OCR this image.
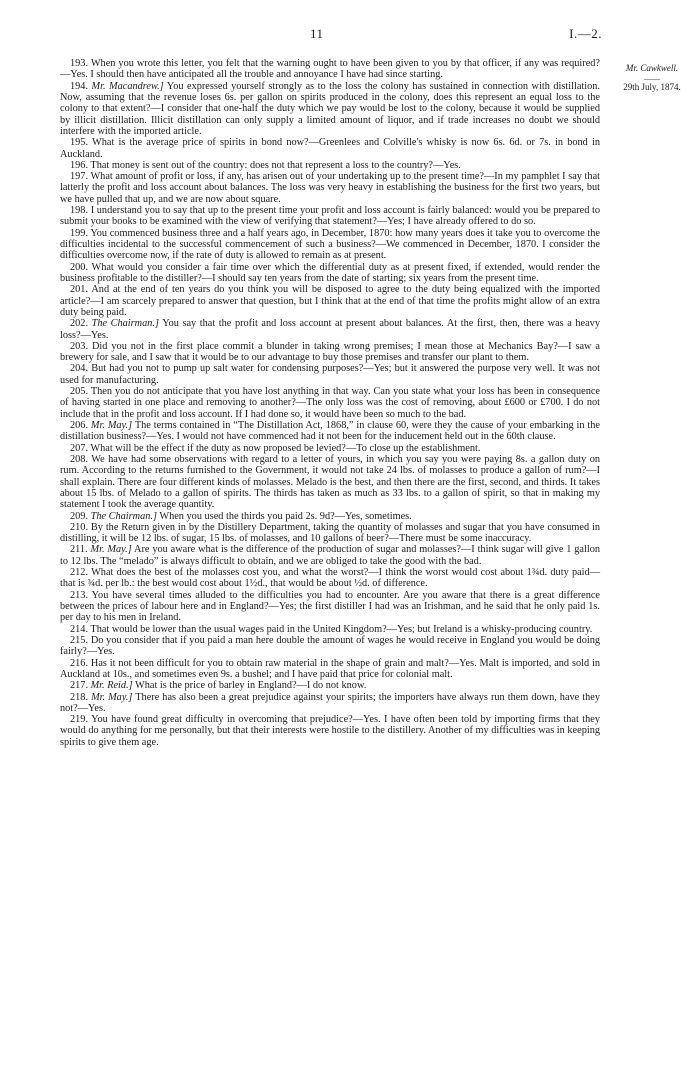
11	I.—2.
Mr. Cawkwell.
——
29th July, 1874.

193. When you wrote this letter, you felt that the warning ought to have been given to you by that officer, if any was required?—Yes. I should then have anticipated all the trouble and annoyance I have had since starting.

194. Mr. Macandrew.] You expressed yourself strongly as to the loss the colony has sustained in connection with distillation. Now, assuming that the revenue loses 6s. per gallon on spirits produced in the colony, does this represent an equal loss to the colony to that extent?—I consider that one-half the duty which we pay would be lost to the colony, because it would be supplied by illicit distillation. Illicit distillation can only supply a limited amount of liquor, and if trade increases no doubt we should interfere with the imported article.

195. What is the average price of spirits in bond now?—Greenlees and Colville's whisky is now 6s. 6d. or 7s. in bond in Auckland.

196. That money is sent out of the country: does not that represent a loss to the country?—Yes.

197. What amount of profit or loss, if any, has arisen out of your undertaking up to the present time?—In my pamphlet I say that latterly the profit and loss account about balances. The loss was very heavy in establishing the business for the first two years, but we have pulled that up, and we are now about square.

198. I understand you to say that up to the present time your profit and loss account is fairly balanced: would you be prepared to submit your books to be examined with the view of verifying that statement?—Yes; I have already offered to do so.

199. You commenced business three and a half years ago, in December, 1870: how many years does it take you to overcome the difficulties incidental to the successful commencement of such a business?—We commenced in December, 1870. I consider the difficulties overcome now, if the rate of duty is allowed to remain as at present.

200. What would you consider a fair time over which the differential duty as at present fixed, if extended, would render the business profitable to the distiller?—I should say ten years from the date of starting; six years from the present time.

201. And at the end of ten years do you think you will be disposed to agree to the duty being equalized with the imported article?—I am scarcely prepared to answer that question, but I think that at the end of that time the profits might allow of an extra duty being paid.

202. The Chairman.] You say that the profit and loss account at present about balances. At the first, then, there was a heavy loss?—Yes.

203. Did you not in the first place commit a blunder in taking wrong premises; I mean those at Mechanics Bay?—I saw a brewery for sale, and I saw that it would be to our advantage to buy those premises and transfer our plant to them.

204. But had you not to pump up salt water for condensing purposes?—Yes; but it answered the purpose very well. It was not used for manufacturing.

205. Then you do not anticipate that you have lost anything in that way. Can you state what your loss has been in consequence of having started in one place and removing to another?—The only loss was the cost of removing, about £600 or £700. I do not include that in the profit and loss account. If I had done so, it would have been so much to the bad.

206. Mr. May.] The terms contained in “The Distillation Act, 1868,” in clause 60, were they the cause of your embarking in the distillation business?—Yes. I would not have commenced had it not been for the inducement held out in the 60th clause.

207. What will be the effect if the duty as now proposed be levied?—To close up the establishment.

208. We have had some observations with regard to a letter of yours, in which you say you were paying 8s. a gallon duty on rum. According to the returns furnished to the Government, it would not take 24 lbs. of molasses to produce a gallon of rum?—I shall explain. There are four different kinds of molasses. Melado is the best, and then there are the first, second, and thirds. It takes about 15 lbs. of Melado to a gallon of spirits. The thirds has taken as much as 33 lbs. to a gallon of spirit, so that in making my statement I took the average quantity.

209. The Chairman.] When you used the thirds you paid 2s. 9d?—Yes, sometimes.

210. By the Return given in by the Distillery Department, taking the quantity of molasses and sugar that you have consumed in distilling, it will be 12 lbs. of sugar, 15 lbs. of molasses, and 10 gallons of beer?—There must be some inaccuracy.

211. Mr. May.] Are you aware what is the difference of the production of sugar and molasses?—I think sugar will give 1 gallon to 12 lbs. The “melado” is always difficult to obtain, and we are obliged to take the good with the bad.

212. What does the best of the molasses cost you, and what the worst?—I think the worst would cost about 1¾d. duty paid—that is ¾d. per lb.: the best would cost about 1½d., that would be about ½d. of difference.

213. You have several times alluded to the difficulties you had to encounter. Are you aware that there is a great difference between the prices of labour here and in England?—Yes; the first distiller I had was an Irishman, and he said that he only paid 1s. per day to his men in Ireland.

214. That would be lower than the usual wages paid in the United Kingdom?—Yes; but Ireland is a whisky-producing country.

215. Do you consider that if you paid a man here double the amount of wages he would receive in England you would be doing fairly?—Yes.

216. Has it not been difficult for you to obtain raw material in the shape of grain and malt?—Yes. Malt is imported, and sold in Auckland at 10s., and sometimes even 9s. a bushel; and I have paid that price for colonial malt.

217. Mr. Reid.] What is the price of barley in England?—I do not know.

218. Mr. May.] There has also been a great prejudice against your spirits; the importers have always run them down, have they not?—Yes.

219. You have found great difficulty in overcoming that prejudice?—Yes. I have often been told by importing firms that they would do anything for me personally, but that their interests were hostile to the distillery. Another of my difficulties was in keeping spirits to give them age.
